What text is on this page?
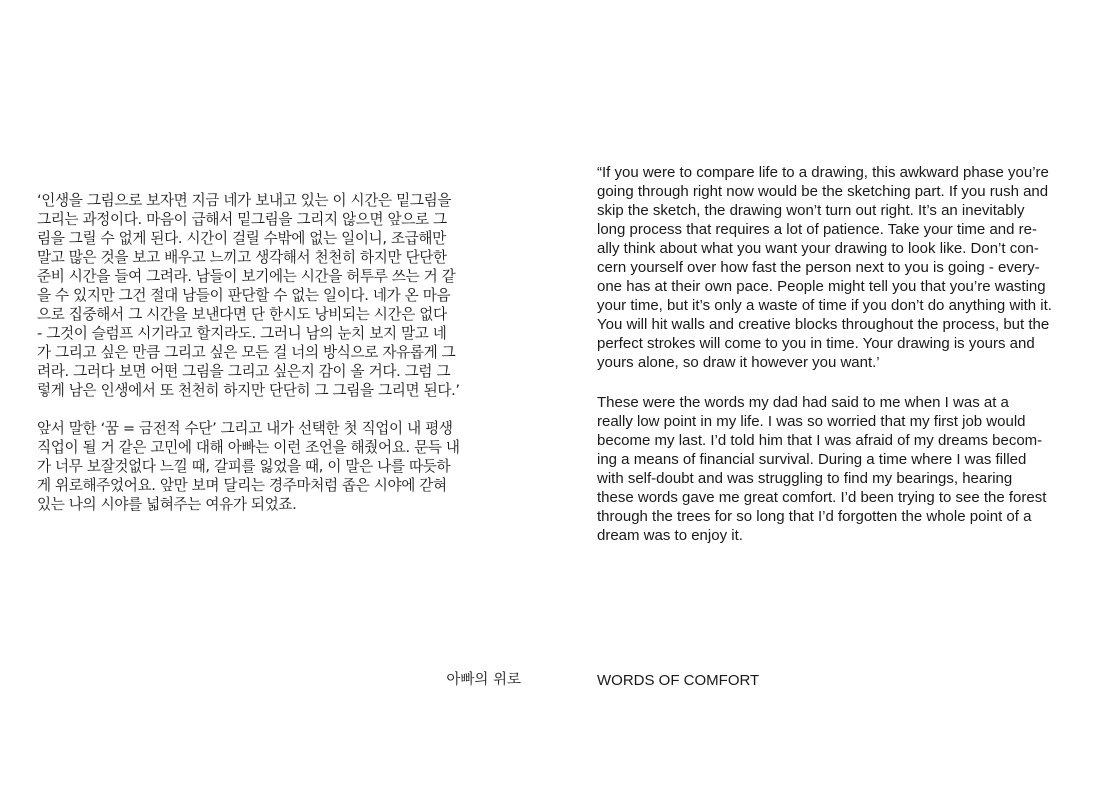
‘인생을 그림으로 보자면 지금 네가 보내고 있는 이 시간은 밑그림을
그리는 과정이다. 마음이 급해서 밑그림을 그리지 않으면 앞으로 그
림을 그릴 수 없게 된다. 시간이 걸릴 수밖에 없는 일이니, 조급해만
말고 많은 것을 보고 배우고 느끼고 생각해서 천천히 하지만 단단한
준비 시간을 들여 그려라. 남들이 보기에는 시간을 허투루 쓰는 거 같
을 수 있지만 그건 절대 남들이 판단할 수 없는 일이다. 네가 온 마음
으로 집중해서 그 시간을 보낸다면 단 한시도 낭비되는 시간은 없다
- 그것이 슬럼프 시기라고 할지라도. 그러니 남의 눈치 보지 말고 네
가 그리고 싶은 만큼 그리고 싶은 모든 걸 너의 방식으로 자유롭게 그
려라. 그러다 보면 어떤 그림을 그리고 싶은지 감이 올 거다. 그럼 그
렇게 남은 인생에서 또 천천히 하지만 단단히 그 그림을 그리면 된다.’
앞서 말한 ‘꿈 = 금전적 수단’ 그리고 내가 선택한 첫 직업이 내 평생
직업이 될 거 같은 고민에 대해 아빠는 이런 조언을 해줬어요. 문득 내
가 너무 보잘것없다 느낄 때, 갈피를 잃었을 때, 이 말은 나를 따듯하
게 위로해주었어요. 앞만 보며 달리는 경주마처럼 좁은 시야에 갇혀
있는 나의 시야를 넓혀주는 여유가 되었죠.
아빠의 위로
“If you were to compare life to a drawing, this awkward phase you’re
going through right now would be the sketching part. If you rush and
skip the sketch, the drawing won’t turn out right. It’s an inevitably
long process that requires a lot of patience. Take your time and re-
ally think about what you want your drawing to look like. Don’t con-
cern yourself over how fast the person next to you is going - every-
one has at their own pace. People might tell you that you’re wasting
your time, but it’s only a waste of time if you don’t do anything with it.
You will hit walls and creative blocks throughout the process, but the
perfect strokes will come to you in time. Your drawing is yours and
yours alone, so draw it however you want.’
These were the words my dad had said to me when I was at a
really low point in my life. I was so worried that my first job would
become my last. I’d told him that I was afraid of my dreams becom-
ing a means of financial survival. During a time where I was filled
with self-doubt and was struggling to find my bearings, hearing
these words gave me great comfort. I’d been trying to see the forest
through the trees for so long that I’d forgotten the whole point of a
dream was to enjoy it.
WORDS OF COMFORT
